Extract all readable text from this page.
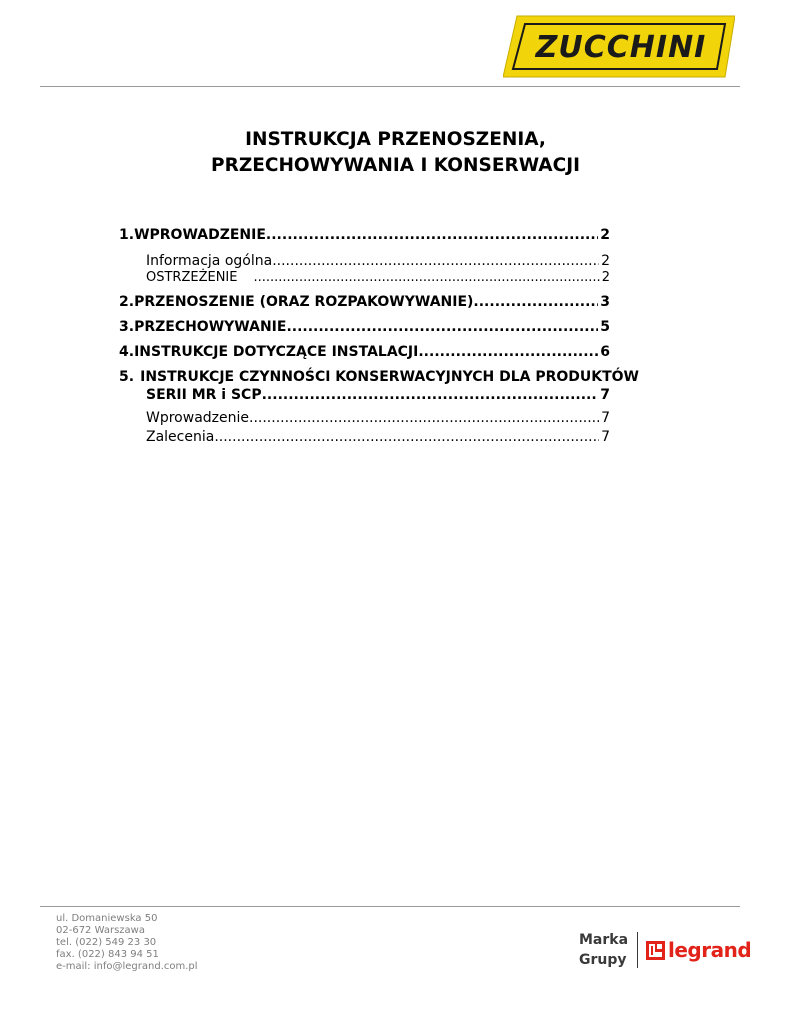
ZUCCHINI
INSTRUKCJA PRZENOSZENIA,
PRZECHOWYWANIA I KONSERWACJI
1. WPROWADZENIE .....	2
Informacja ogólna .....	2
OSTRZEŻENIE .....	2
2. PRZENOSZENIE (ORAZ ROZPAKOWYWANIE) .....	3
3. PRZECHOWYWANIE .....	5
4. INSTRUKCJE DOTYCZĄCE INSTALACJI .....	6
5. INSTRUKCJE CZYNNOŚCI KONSERWACYJNYCH DLA PRODUKTÓW
SERII MR i SCP .....	7
Wprowadzenie .....	7
Zalecenia .....	7
ul. Domaniewska 50
02-672 Warszawa
tel. (022) 549 23 30
fax. (022) 843 94 51
e-mail: info@legrand.com.pl
Marka
Grupy legrand
